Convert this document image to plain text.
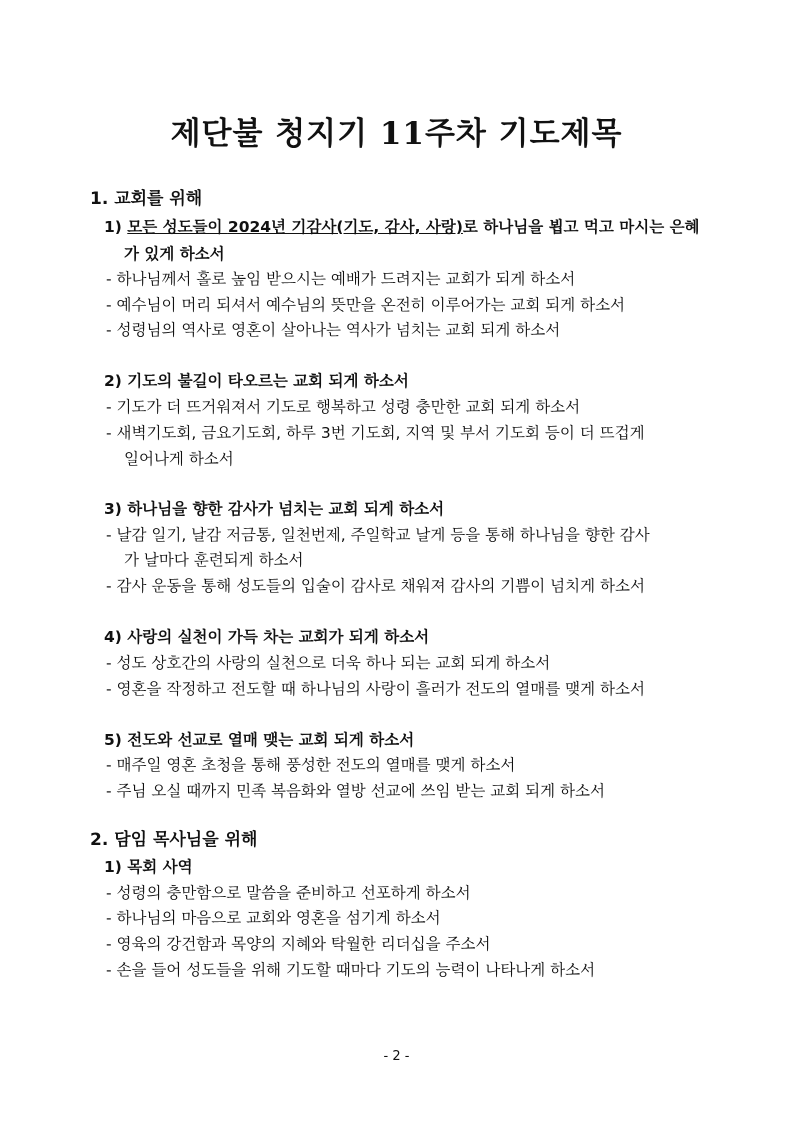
제단불 청지기 11주차 기도제목
1. 교회를 위해
1) 모든 성도들이 2024년 기감사(기도, 감사, 사랑)로 하나님을 뵙고 먹고 마시는 은혜
가 있게 하소서
- 하나님께서 홀로 높임 받으시는 예배가 드려지는 교회가 되게 하소서
- 예수님이 머리 되셔서 예수님의 뜻만을 온전히 이루어가는 교회 되게 하소서
- 성령님의 역사로 영혼이 살아나는 역사가 넘치는 교회 되게 하소서
2) 기도의 불길이 타오르는 교회 되게 하소서
- 기도가 더 뜨거워져서 기도로 행복하고 성령 충만한 교회 되게 하소서
- 새벽기도회, 금요기도회, 하루 3번 기도회, 지역 및 부서 기도회 등이 더 뜨겁게
일어나게 하소서
3) 하나님을 향한 감사가 넘치는 교회 되게 하소서
- 날감 일기, 날감 저금통, 일천번제, 주일학교 날게 등을 통해 하나님을 향한 감사
가 날마다 훈련되게 하소서
- 감사 운동을 통해 성도들의 입술이 감사로 채워져 감사의 기쁨이 넘치게 하소서
4) 사랑의 실천이 가득 차는 교회가 되게 하소서
- 성도 상호간의 사랑의 실천으로 더욱 하나 되는 교회 되게 하소서
- 영혼을 작정하고 전도할 때 하나님의 사랑이 흘러가 전도의 열매를 맺게 하소서
5) 전도와 선교로 열매 맺는 교회 되게 하소서
- 매주일 영혼 초청을 통해 풍성한 전도의 열매를 맺게 하소서
- 주님 오실 때까지 민족 복음화와 열방 선교에 쓰임 받는 교회 되게 하소서
2. 담임 목사님을 위해
1) 목회 사역
- 성령의 충만함으로 말씀을 준비하고 선포하게 하소서
- 하나님의 마음으로 교회와 영혼을 섬기게 하소서
- 영육의 강건함과 목양의 지혜와 탁월한 리더십을 주소서
- 손을 들어 성도들을 위해 기도할 때마다 기도의 능력이 나타나게 하소서
- 2 -
